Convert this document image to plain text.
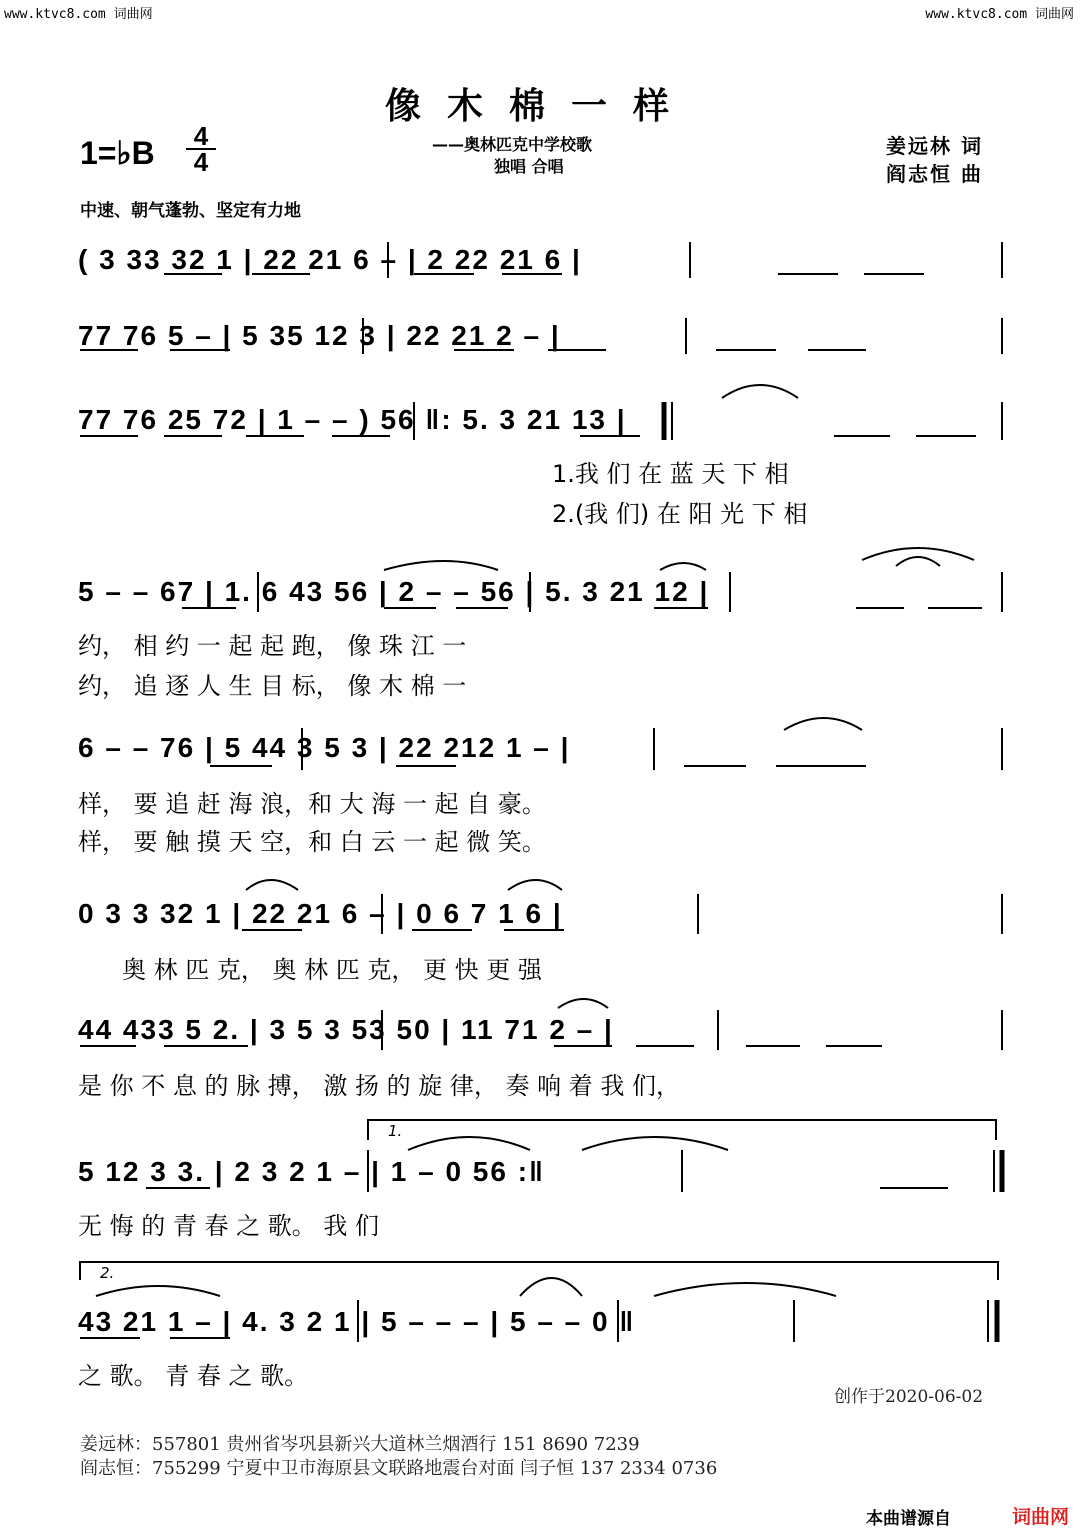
www.ktvc8.com 词曲网	www.ktvc8.com 词曲网
像木棉一样
1=♭B 4
4
——奥林匹克中学校歌
独唱 合唱
姜远林 词
阎志恒 曲
中速、朝气蓬勃、坚定有力地
( 3 33 32 1 | 22 21 6 – | 2 22 21 6 |
77 76 5 – | 5 35 12 3 | 22 21 2 – |
77 76 25 72 | 1 – – ) 56 ‖: 5. 3 21 13 |
1.我 们 在 蓝 天 下 相
2.(我 们) 在 阳 光 下 相
5 – – 67 | 1. 6 43 56 | 2 – – 56 | 5. 3 21 12 |
约， 相 约 一 起 起 跑， 像 珠 江 一
约， 追 逐 人 生 目 标， 像 木 棉 一
6 – – 76 | 5 44 3 5 3 | 22 212 1 – |
样， 要 追 赶 海 浪，和 大 海 一 起 自 豪。
样， 要 触 摸 天 空，和 白 云 一 起 微 笑。
0 3 3 32 1 | 22 21 6 – | 0 6 7 1 6 |
奥 林 匹 克， 奥 林 匹 克， 更 快 更 强
44 433 5 2. | 3 5 3 53 50 | 11 71 2 – |
是 你 不 息 的 脉 搏， 激 扬 的 旋 律， 奏 响 着 我 们，
1.
5 12 3 3. | 2 3 2 1 – | 1 – 0 56 :‖
无 悔 的 青 春 之 歌。 我 们
2.
43 21 1 – | 4. 3 2 1 | 5 – – – | 5 – – 0 ‖
之 歌。 青 春 之 歌。
创作于2020-06-02
姜远林：557801 贵州省岑巩县新兴大道林兰烟酒行 151 8690 7239
阎志恒：755299 宁夏中卫市海原县文联路地震台对面 闫子恒 137 2334 0736
本曲谱源自	词曲网
